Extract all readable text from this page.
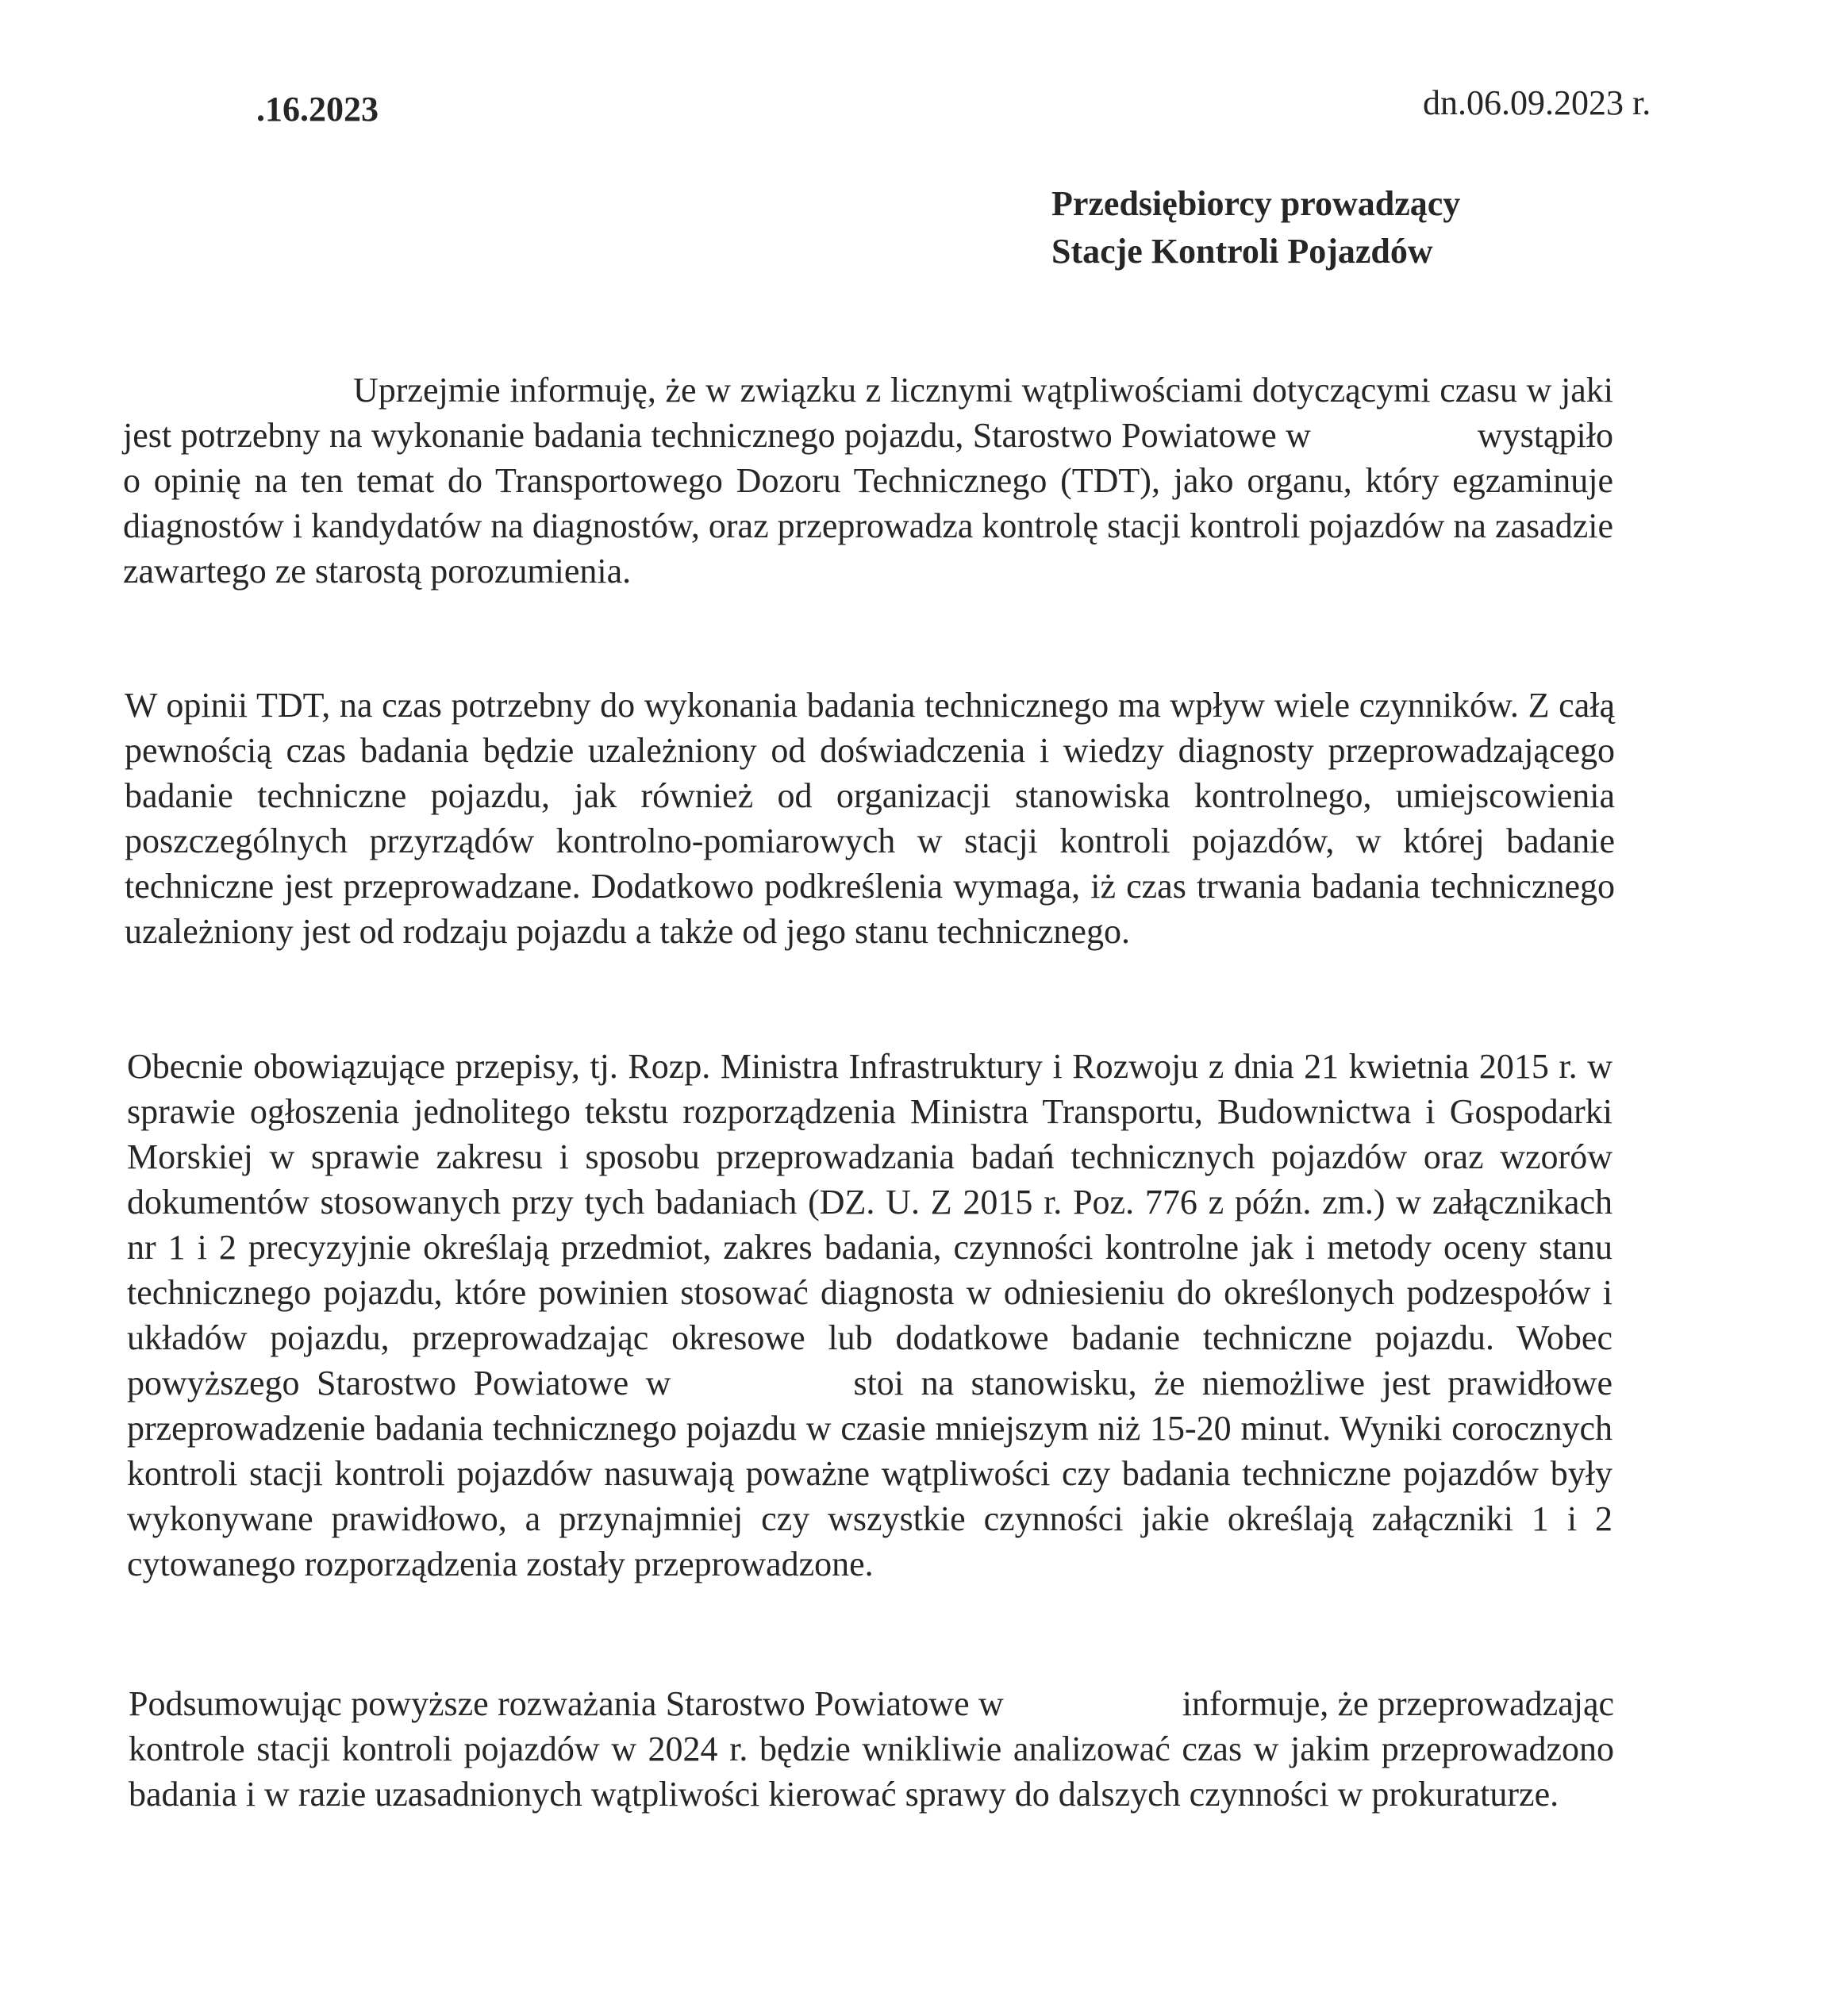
.16.2023	dn.06.09.2023 r.
Przedsiębiorcy prowadzący
Stacje Kontroli Pojazdów

Uprzejmie informuję, że w związku z licznymi wątpliwościami dotyczącymi czasu w jaki jest potrzebny na wykonanie badania technicznego pojazdu, Starostwo Powiatowe w	wystąpiło o opinię na ten temat do Transportowego Dozoru Technicznego (TDT), jako organu, który egzaminuje diagnostów i kandydatów na diagnostów, oraz przeprowadza kontrolę stacji kontroli pojazdów na zasadzie zawartego ze starostą porozumienia.

W opinii TDT, na czas potrzebny do wykonania badania technicznego ma wpływ wiele czynników. Z całą pewnością czas badania będzie uzależniony od doświadczenia i wiedzy diagnosty przeprowadzającego badanie techniczne pojazdu, jak również od organizacji stanowiska kontrolnego, umiejscowienia poszczególnych przyrządów kontrolno-pomiarowych w stacji kontroli pojazdów, w której badanie techniczne jest przeprowadzane. Dodatkowo podkreślenia wymaga, iż czas trwania badania technicznego uzależniony jest od rodzaju pojazdu a także od jego stanu technicznego.

Obecnie obowiązujące przepisy, tj. Rozp. Ministra Infrastruktury i Rozwoju z dnia 21 kwietnia 2015 r. w sprawie ogłoszenia jednolitego tekstu rozporządzenia Ministra Transportu, Budownictwa i Gospodarki Morskiej w sprawie zakresu i sposobu przeprowadzania badań technicznych pojazdów oraz wzorów dokumentów stosowanych przy tych badaniach (DZ. U. Z 2015 r. Poz. 776 z późn. zm.) w załącznikach nr 1 i 2 precyzyjnie określają przedmiot, zakres badania, czynności kontrolne jak i metody oceny stanu technicznego pojazdu, które powinien stosować diagnosta w odniesieniu do określonych podzespołów i układów pojazdu, przeprowadzając okresowe lub dodatkowe badanie techniczne pojazdu. Wobec powyższego Starostwo Powiatowe w	stoi na stanowisku, że niemożliwe jest prawidłowe przeprowadzenie badania technicznego pojazdu w czasie mniejszym niż 15-20 minut. Wyniki corocznych kontroli stacji kontroli pojazdów nasuwają poważne wątpliwości czy badania techniczne pojazdów były wykonywane prawidłowo, a przynajmniej czy wszystkie czynności jakie określają załączniki 1 i 2 cytowanego rozporządzenia zostały przeprowadzone.

Podsumowując powyższe rozważania Starostwo Powiatowe w	informuje, że przeprowadzając kontrole stacji kontroli pojazdów w 2024 r. będzie wnikliwie analizować czas w jakim przeprowadzono badania i w razie uzasadnionych wątpliwości kierować sprawy do dalszych czynności w prokuraturze.
